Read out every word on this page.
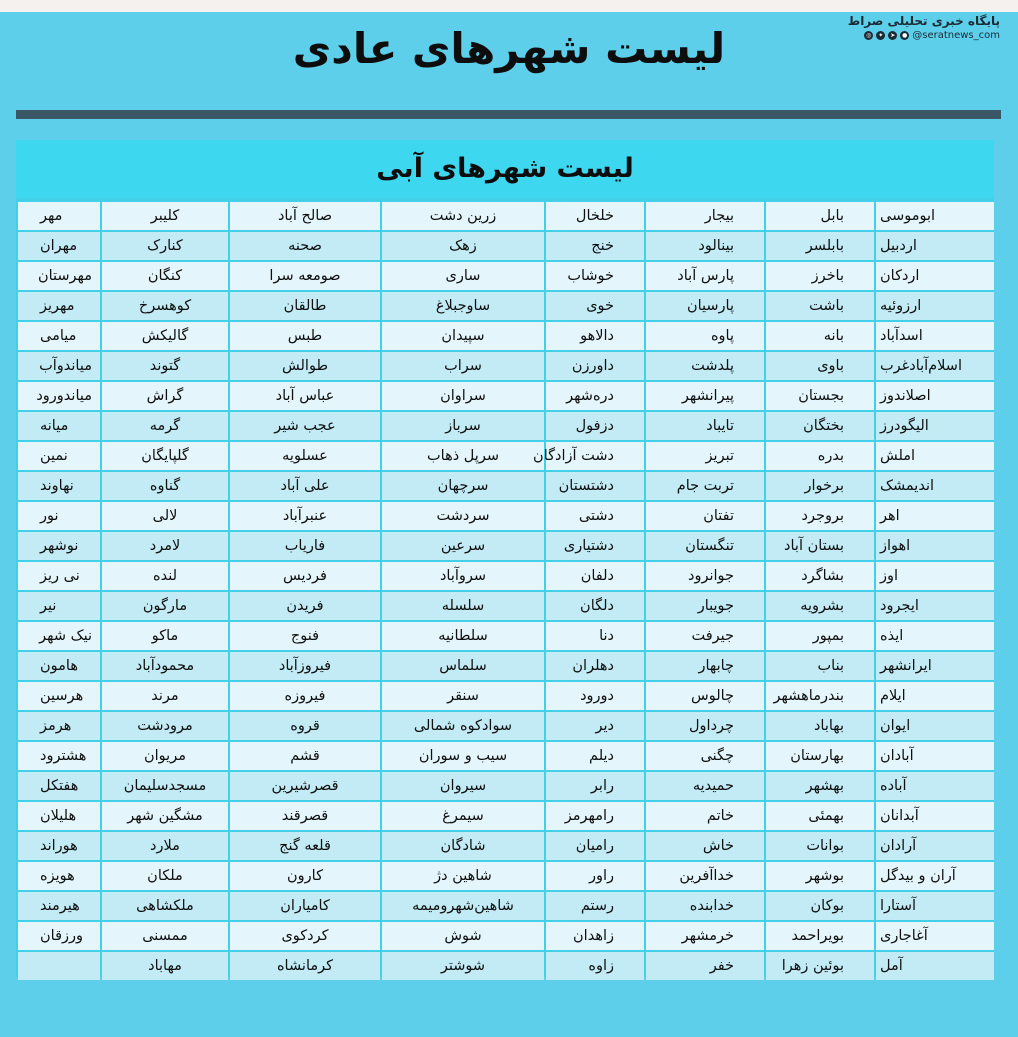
پایگاه خبری تحلیلی صراط
◎	✦	➤	● @seratnews_com
لیست شهرهای عادی
لیست شهرهای آبی
ابوموسی	بابل	بیجار	خلخال	زرین دشت	صالح آباد	کلیبر	مهر
اردبیل	بابلسر	بینالود	خنج	زهک	صحنه	کنارک	مهران
اردکان	باخرز	پارس آباد	خوشاب	ساری	صومعه سرا	کنگان	مهرستان
ارزوئیه	باشت	پارسیان	خوی	ساوجبلاغ	طالقان	کوهسرخ	مهریز
اسدآباد	بانه	پاوه	دالاهو	سپیدان	طبس	گالیکش	میامی
اسلام‌آبادغرب	باوی	پلدشت	داورزن	سراب	طوالش	گتوند	میاندوآب
اصلاندوز	بجستان	پیرانشهر	دره‌شهر	سراوان	عباس آباد	گراش	میاندورود
الیگودرز	بختگان	تایباد	دزفول	سرباز	عجب شیر	گرمه	میانه
املش	بدره	تبریز	دشت آزادگان	سرپل ذهاب	عسلویه	گلپایگان	نمین
اندیمشک	برخوار	تربت جام	دشتستان	سرچهان	علی آباد	گناوه	نهاوند
اهر	بروجرد	تفتان	دشتی	سردشت	عنبرآباد	لالی	نور
اهواز	بستان آباد	تنگستان	دشتیاری	سرعین	فاریاب	لامرد	نوشهر
اوز	بشاگرد	جوانرود	دلفان	سروآباد	فردیس	لنده	نی ریز
ایجرود	بشرویه	جویبار	دلگان	سلسله	فریدن	مارگون	نیر
ایذه	بمپور	جیرفت	دنا	سلطانیه	فنوج	ماکو	نیک شهر
ایرانشهر	بناب	چابهار	دهلران	سلماس	فیروزآباد	محمودآباد	هامون
ایلام	بندرماهشهر	چالوس	دورود	سنقر	فیروزه	مرند	هرسین
ایوان	بهاباد	چرداول	دیر	سوادکوه شمالی	قروه	مرودشت	هرمز
آبادان	بهارستان	چگنی	دیلم	سیب و سوران	قشم	مریوان	هشترود
آباده	بهشهر	حمیدیه	رابر	سیروان	قصرشیرین	مسجدسلیمان	هفتکل
آبدانان	بهمئی	خاتم	رامهرمز	سیمرغ	قصرقند	مشگین شهر	هلیلان
آرادان	بوانات	خاش	رامیان	شادگان	قلعه گنج	ملارد	هوراند
آران و بیدگل	بوشهر	خداآفرین	راور	شاهین دژ	کارون	ملکان	هویزه
آستارا	بوکان	خدابنده	رستم	شاهین‌شهروميمه	کامیاران	ملکشاهی	هیرمند
آغاجاری	بویراحمد	خرمشهر	زاهدان	شوش	کردکوی	ممسنی	ورزقان
آمل	بوئین زهرا	خفر	زاوه	شوشتر	کرمانشاه	مهاباد	
